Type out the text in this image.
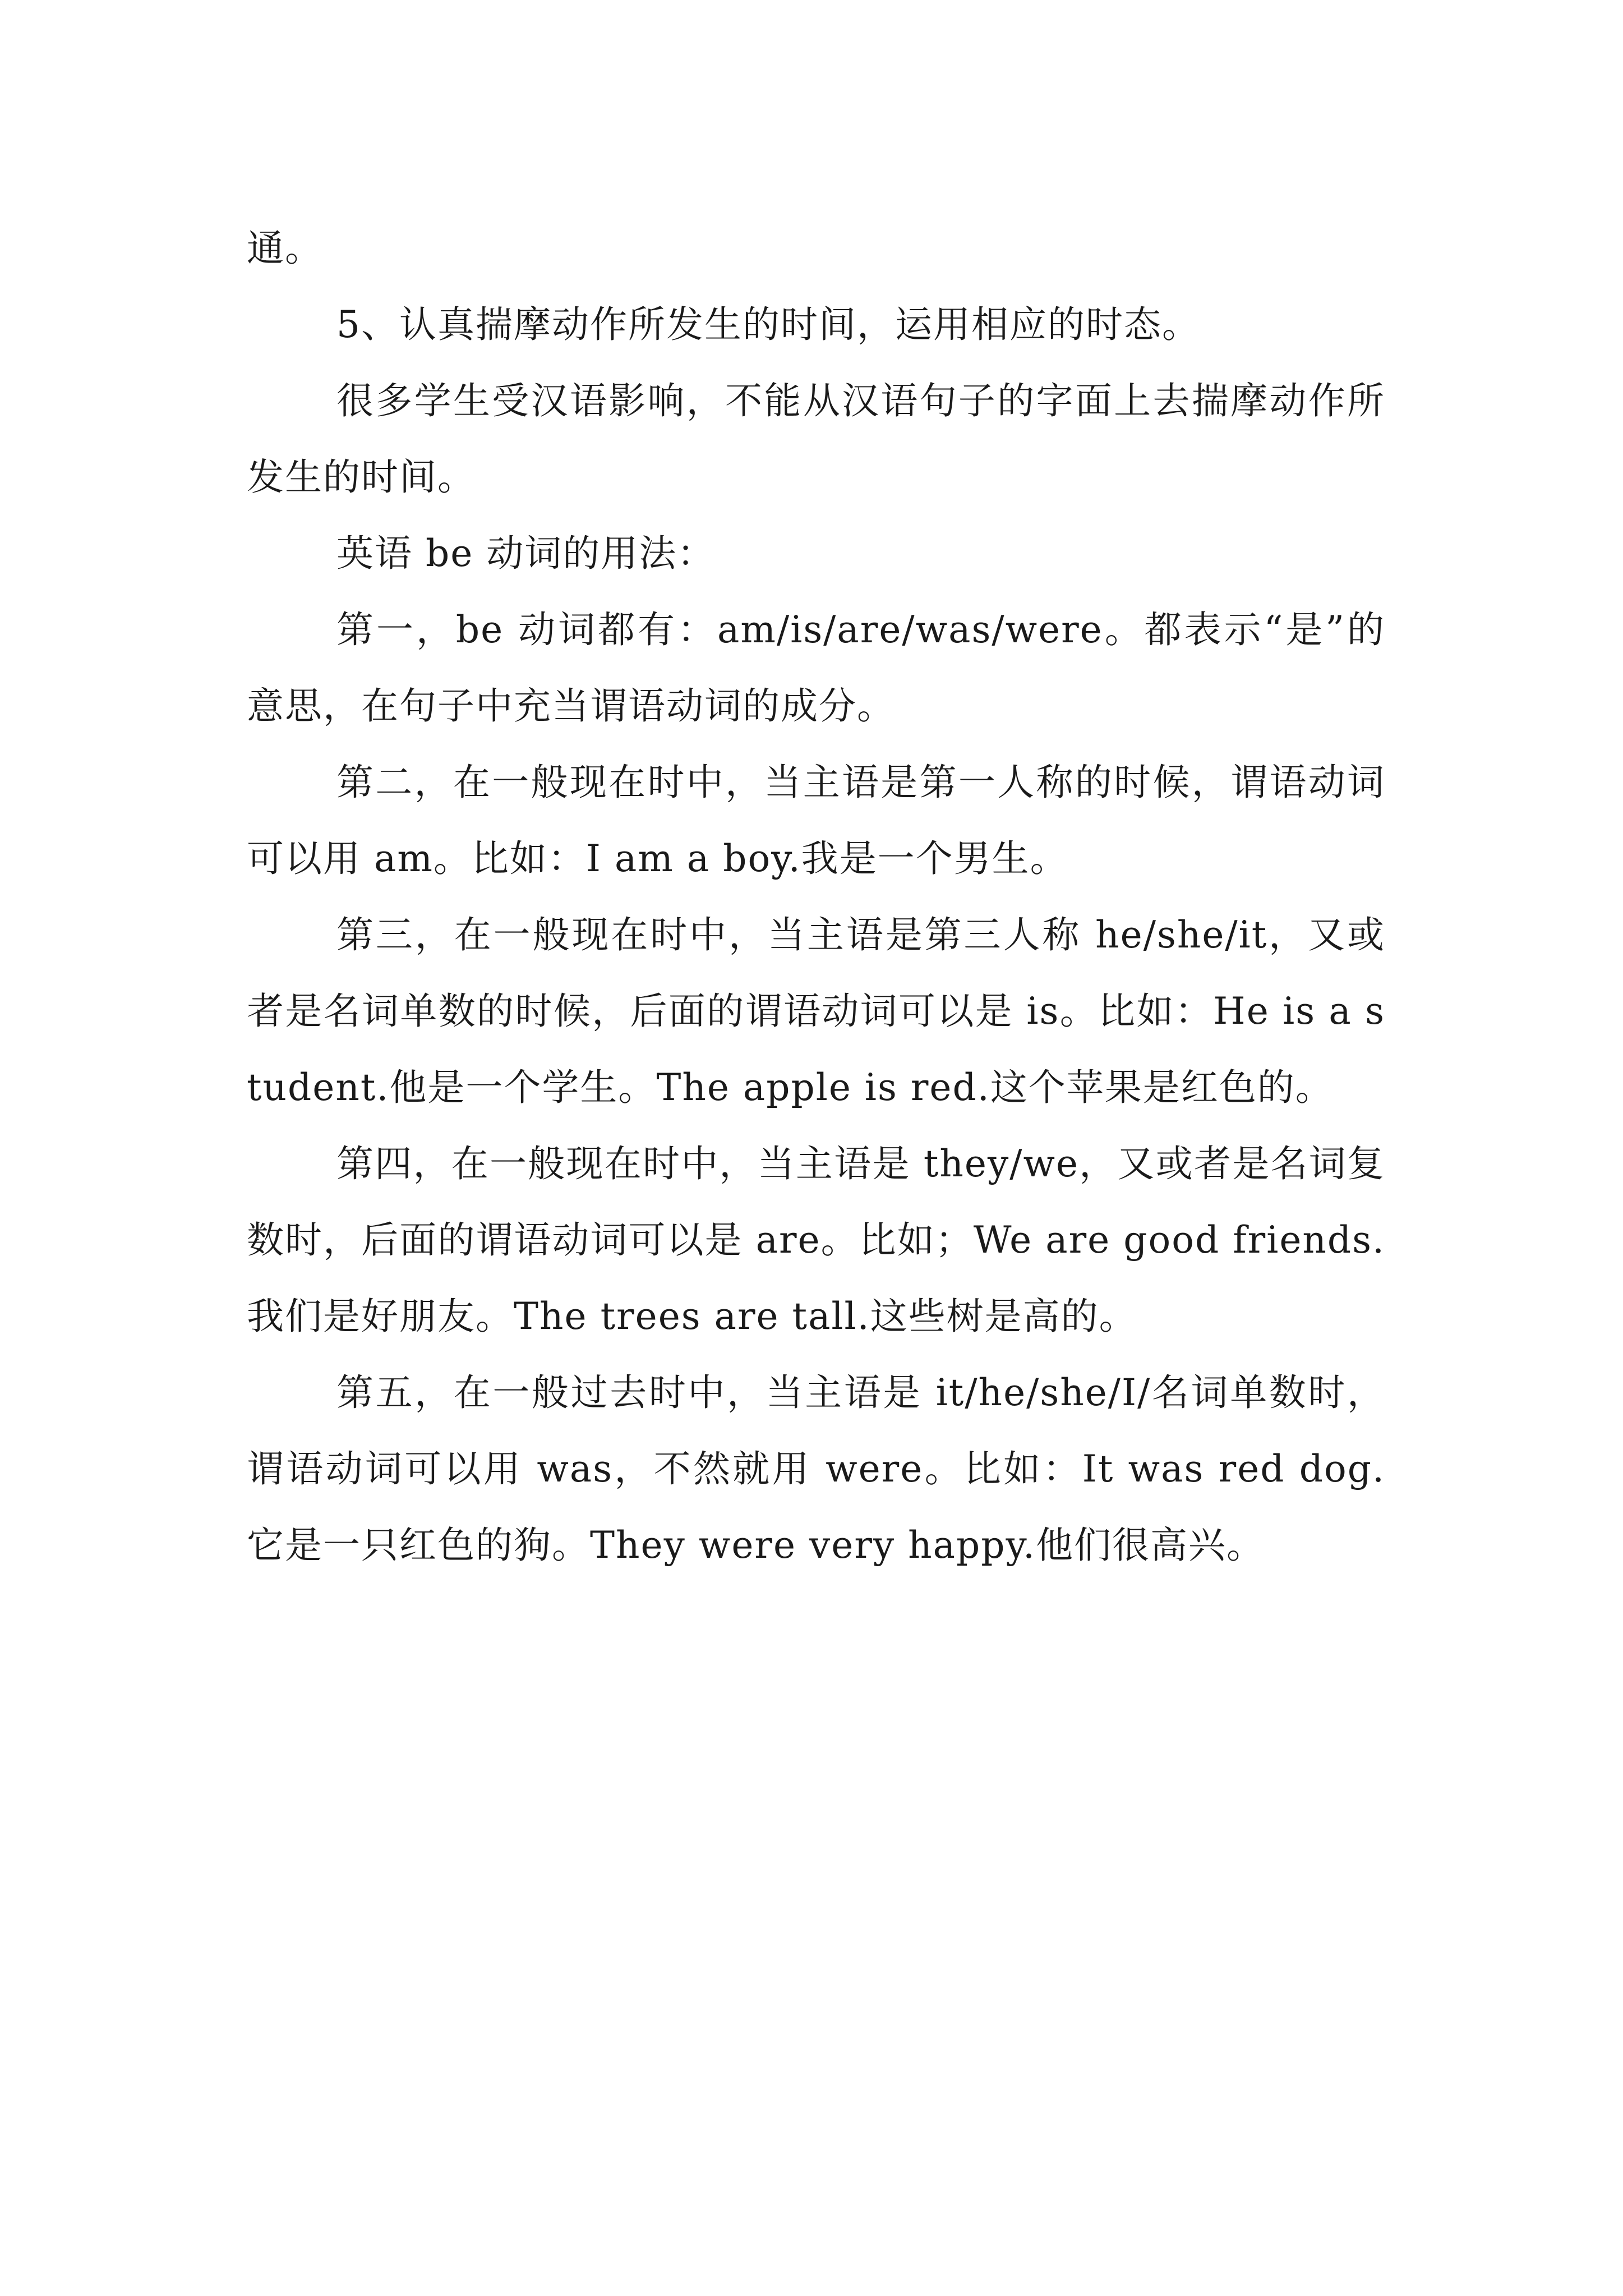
通。

5、认真揣摩动作所发生的时间，运用相应的时态。

很多学生受汉语影响，不能从汉语句子的字面上去揣摩动作所发生的时间。

英语 be 动词的用法：

第一，be 动词都有：am/is/are/was/were。都表示“是”的意思，在句子中充当谓语动词的成分。

第二，在一般现在时中，当主语是第一人称的时候，谓语动词可以用 am。比如：I am a boy.我是一个男生。

第三，在一般现在时中，当主语是第三人称 he/she/it，又或者是名词单数的时候，后面的谓语动词可以是 is。比如：He is a student.他是一个学生。The apple is red.这个苹果是红色的。

第四，在一般现在时中，当主语是 they/we，又或者是名词复数时，后面的谓语动词可以是 are。比如；We are good friends.我们是好朋友。The trees are tall.这些树是高的。

第五，在一般过去时中，当主语是 it/he/she/I/名词单数时，谓语动词可以用 was，不然就用 were。比如：It was red dog.它是一只红色的狗。They were very happy.他们很高兴。
